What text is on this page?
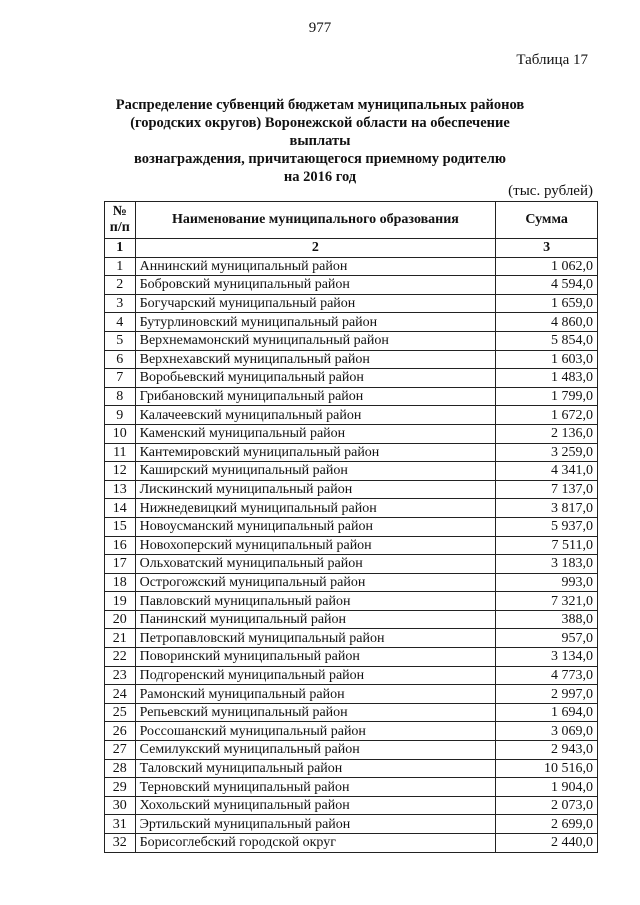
977
Таблица 17
Распределение субвенций бюджетам муниципальных районов
(городских округов) Воронежской области на обеспечение выплаты
вознаграждения, причитающегося приемному родителю
на 2016 год
(тыс. рублей)
№ п/п	Наименование муниципального образования	Сумма
1	2	3
1	Аннинский муниципальный район	1 062,0
2	Бобровский муниципальный район	4 594,0
3	Богучарский муниципальный район	1 659,0
4	Бутурлиновский муниципальный район	4 860,0
5	Верхнемамонский муниципальный район	5 854,0
6	Верхнехавский муниципальный район	1 603,0
7	Воробьевский муниципальный район	1 483,0
8	Грибановский муниципальный район	1 799,0
9	Калачеевский муниципальный район	1 672,0
10	Каменский муниципальный район	2 136,0
11	Кантемировский муниципальный район	3 259,0
12	Каширский муниципальный район	4 341,0
13	Лискинский муниципальный район	7 137,0
14	Нижнедевицкий муниципальный район	3 817,0
15	Новоусманский муниципальный район	5 937,0
16	Новохоперский муниципальный район	7 511,0
17	Ольховатский муниципальный район	3 183,0
18	Острогожский муниципальный район	993,0
19	Павловский муниципальный район	7 321,0
20	Панинский муниципальный район	388,0
21	Петропавловский муниципальный район	957,0
22	Поворинский муниципальный район	3 134,0
23	Подгоренский муниципальный район	4 773,0
24	Рамонский муниципальный район	2 997,0
25	Репьевский муниципальный район	1 694,0
26	Россошанский муниципальный район	3 069,0
27	Семилукский муниципальный район	2 943,0
28	Таловский муниципальный район	10 516,0
29	Терновский муниципальный район	1 904,0
30	Хохольский муниципальный район	2 073,0
31	Эртильский муниципальный район	2 699,0
32	Борисоглебский городской округ	2 440,0
